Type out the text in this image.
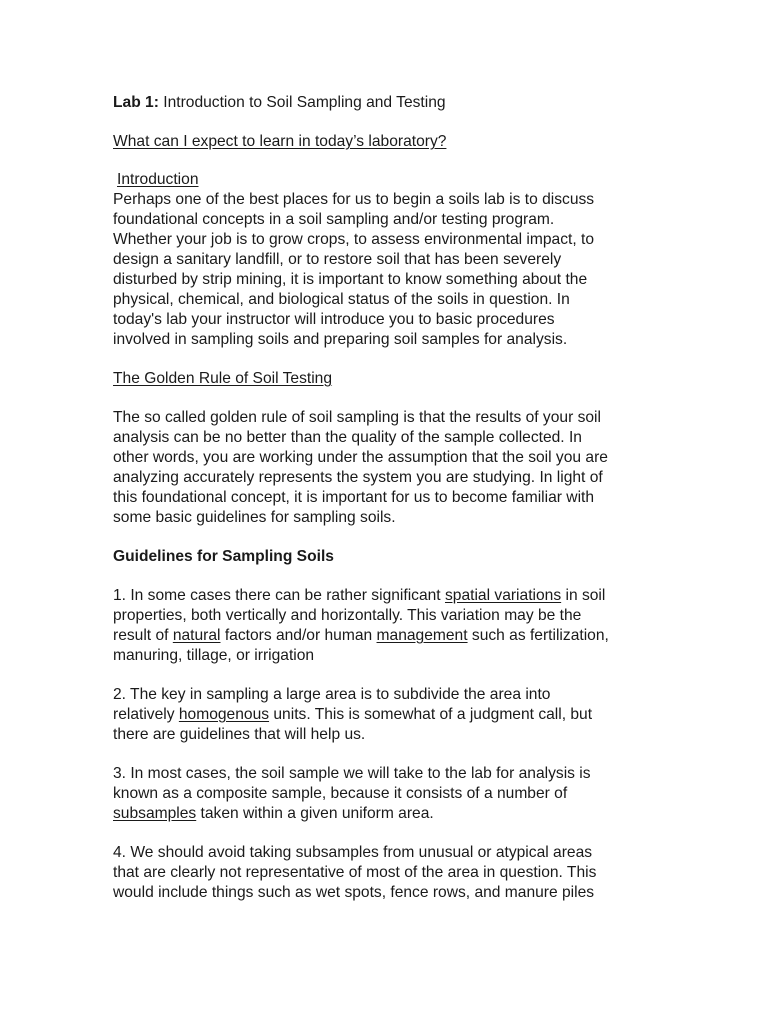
Lab 1: Introduction to Soil Sampling and Testing
What can I expect to learn in today’s laboratory?
Introduction
Perhaps one of the best places for us to begin a soils lab is to discuss
foundational concepts in a soil sampling and/or testing program.
Whether your job is to grow crops, to assess environmental impact, to
design a sanitary landfill, or to restore soil that has been severely
disturbed by strip mining, it is important to know something about the
physical, chemical, and biological status of the soils in question. In
today's lab your instructor will introduce you to basic procedures
involved in sampling soils and preparing soil samples for analysis.
The Golden Rule of Soil Testing
The so called golden rule of soil sampling is that the results of your soil
analysis can be no better than the quality of the sample collected. In
other words, you are working under the assumption that the soil you are
analyzing accurately represents the system you are studying. In light of
this foundational concept, it is important for us to become familiar with
some basic guidelines for sampling soils.
Guidelines for Sampling Soils
1. In some cases there can be rather significant spatial variations in soil
properties, both vertically and horizontally. This variation may be the
result of natural factors and/or human management such as fertilization,
manuring, tillage, or irrigation
2. The key in sampling a large area is to subdivide the area into
relatively homogenous units. This is somewhat of a judgment call, but
there are guidelines that will help us.
3. In most cases, the soil sample we will take to the lab for analysis is
known as a composite sample, because it consists of a number of
subsamples taken within a given uniform area.
4. We should avoid taking subsamples from unusual or atypical areas
that are clearly not representative of most of the area in question. This
would include things such as wet spots, fence rows, and manure piles
